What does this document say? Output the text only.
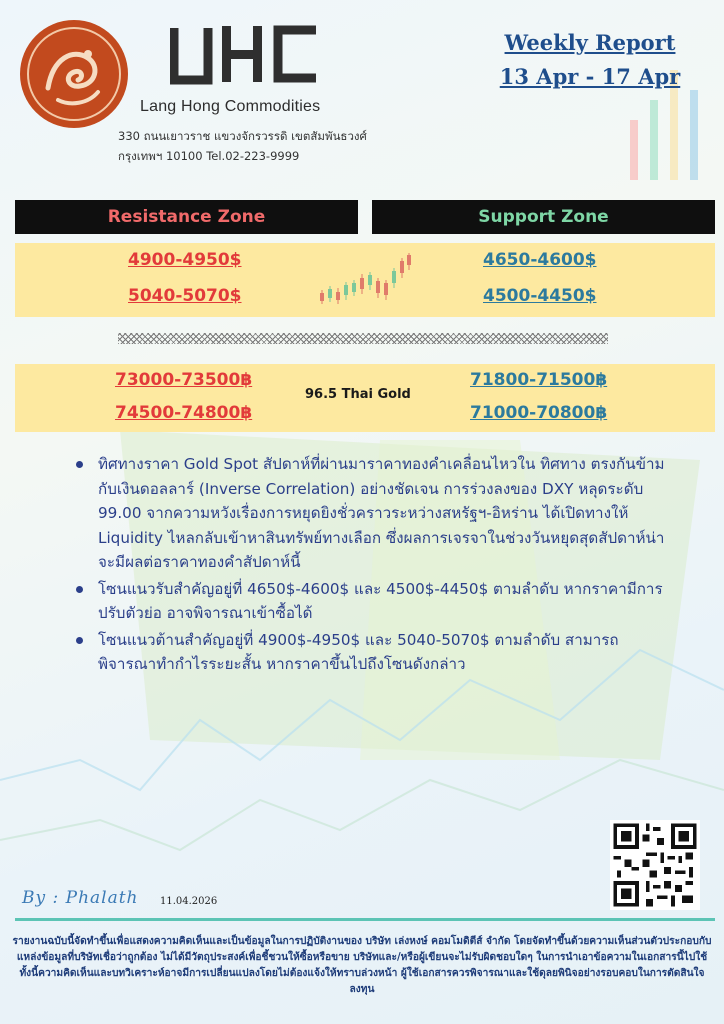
Lang Hong Commodities
330 ถนนเยาวราช แขวงจักรวรรดิ เขตสัมพันธวงศ์
กรุงเทพฯ 10100 Tel.02-223-9999
Weekly Report
13 Apr - 17 Apr
Resistance Zone	Support Zone
4900-4950$
5040-5070$
4650-4600$
4500-4450$
73000-73500฿
74500-74800฿
96.5 Thai Gold
71800-71500฿
71000-70800฿
ทิศทางราคา Gold Spot สัปดาห์ที่ผ่านมาราคาทองคำเคลื่อนไหวใน ทิศทาง ตรงกันข้ามกับเงินดอลลาร์ (Inverse Correlation) อย่างชัดเจน การร่วงลงของ DXY หลุดระดับ 99.00 จากความหวังเรื่องการหยุดยิงชั่วคราวระหว่างสหรัฐฯ-อิหร่าน ได้เปิดทางให้ Liquidity ไหลกลับเข้าหาสินทรัพย์ทางเลือก ซึ่งผลการเจรจาในช่วงวันหยุดสุดสัปดาห์น่าจะมีผลต่อราคาทองคำสัปดาห์นี้
โซนแนวรับสำคัญอยู่ที่ 4650$-4600$ และ 4500$-4450$ ตามลำดับ หากราคามีการปรับตัวย่อ อาจพิจารณาเข้าซื้อได้
โซนแนวต้านสำคัญอยู่ที่ 4900$-4950$ และ 5040-5070$ ตามลำดับ สามารถพิจารณาทำกำไรระยะสั้น หากราคาขึ้นไปถึงโซนดังกล่าว
By : Phalath 11.04.2026
รายงานฉบับนี้จัดทำขึ้นเพื่อแสดงความคิดเห็นและเป็นข้อมูลในการปฏิบัติงานของ บริษัท เล่งหงษ์ คอมโมดิตีส์ จำกัด โดยจัดทำขึ้นด้วยความเห็นส่วนตัวประกอบกับแหล่งข้อมูลที่บริษัทเชื่อว่าถูกต้อง ไม่ได้มีวัตถุประสงค์เพื่อชี้ชวนให้ซื้อหรือขาย บริษัทและ/หรือผู้เขียนจะไม่รับผิดชอบใดๆ ในการนำเอาข้อความในเอกสารนี้ไปใช้ ทั้งนี้ความคิดเห็นและบทวิเคราะห์อาจมีการเปลี่ยนแปลงโดยไม่ต้องแจ้งให้ทราบล่วงหน้า ผู้ใช้เอกสารควรพิจารณาและใช้ดุลยพินิจอย่างรอบคอบในการตัดสินใจลงทุน
